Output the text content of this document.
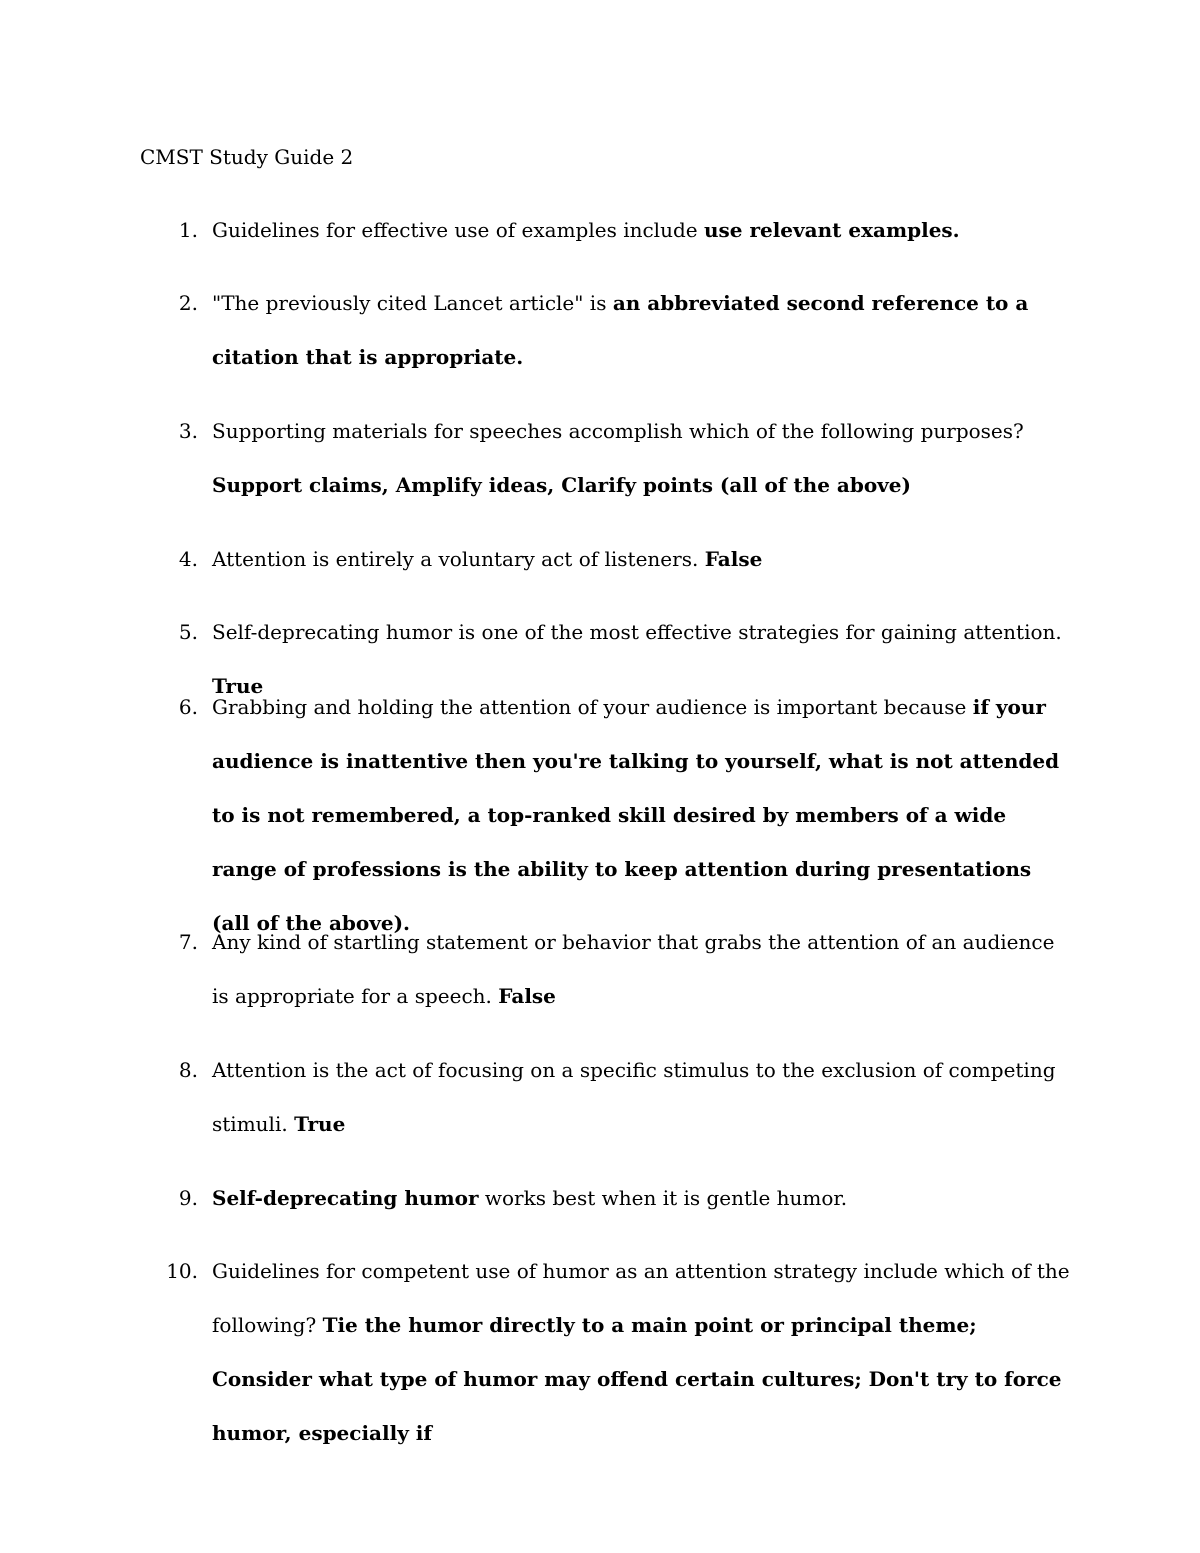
CMST Study Guide 2
1. Guidelines for effective use of examples include use relevant examples.
2. "The previously cited Lancet article" is an abbreviated second reference to a citation that is appropriate.
3. Supporting materials for speeches accomplish which of the following purposes? Support claims, Amplify ideas, Clarify points (all of the above)
4. Attention is entirely a voluntary act of listeners. False
5. Self-deprecating humor is one of the most effective strategies for gaining attention. True
6. Grabbing and holding the attention of your audience is important because if your audience is inattentive then you're talking to yourself, what is not attended to is not remembered, a top-ranked skill desired by members of a wide range of professions is the ability to keep attention during presentations (all of the above).
7. Any kind of startling statement or behavior that grabs the attention of an audience is appropriate for a speech. False
8. Attention is the act of focusing on a specific stimulus to the exclusion of competing stimuli. True
9. Self-deprecating humor works best when it is gentle humor.
10. Guidelines for competent use of humor as an attention strategy include which of the following? Tie the humor directly to a main point or principal theme; Consider what type of humor may offend certain cultures; Don't try to force humor, especially if
